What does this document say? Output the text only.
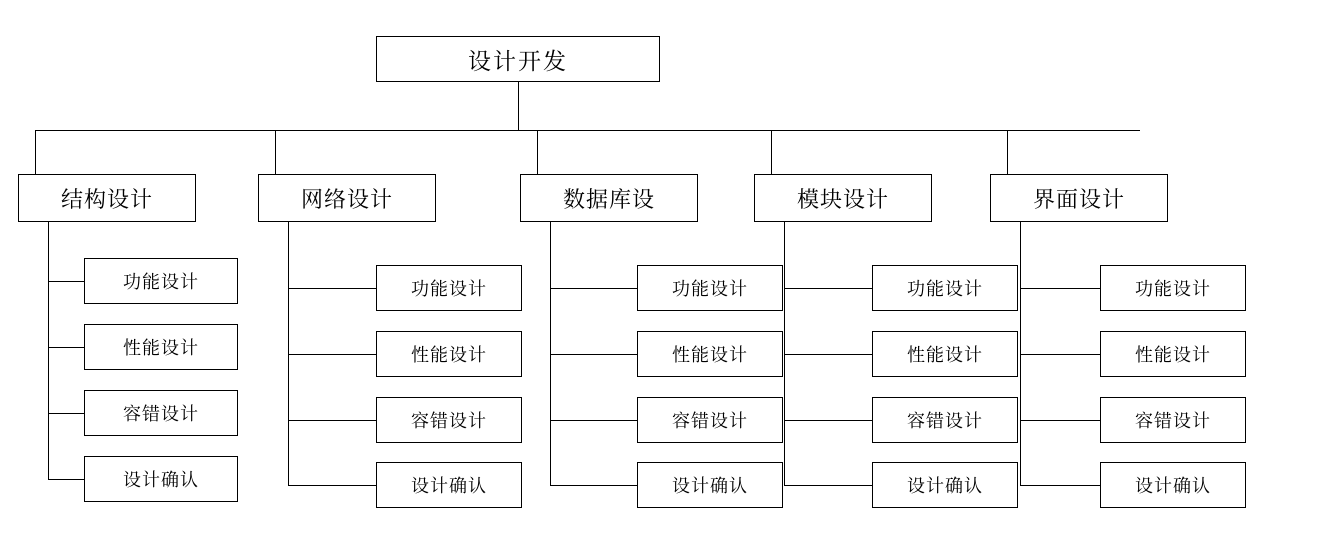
设计开发
结构设计
功能设计
性能设计
容错设计
设计确认
网络设计
功能设计
性能设计
容错设计
设计确认
数据库设
功能设计
性能设计
容错设计
设计确认
模块设计
功能设计
性能设计
容错设计
设计确认
界面设计
功能设计
性能设计
容错设计
设计确认
